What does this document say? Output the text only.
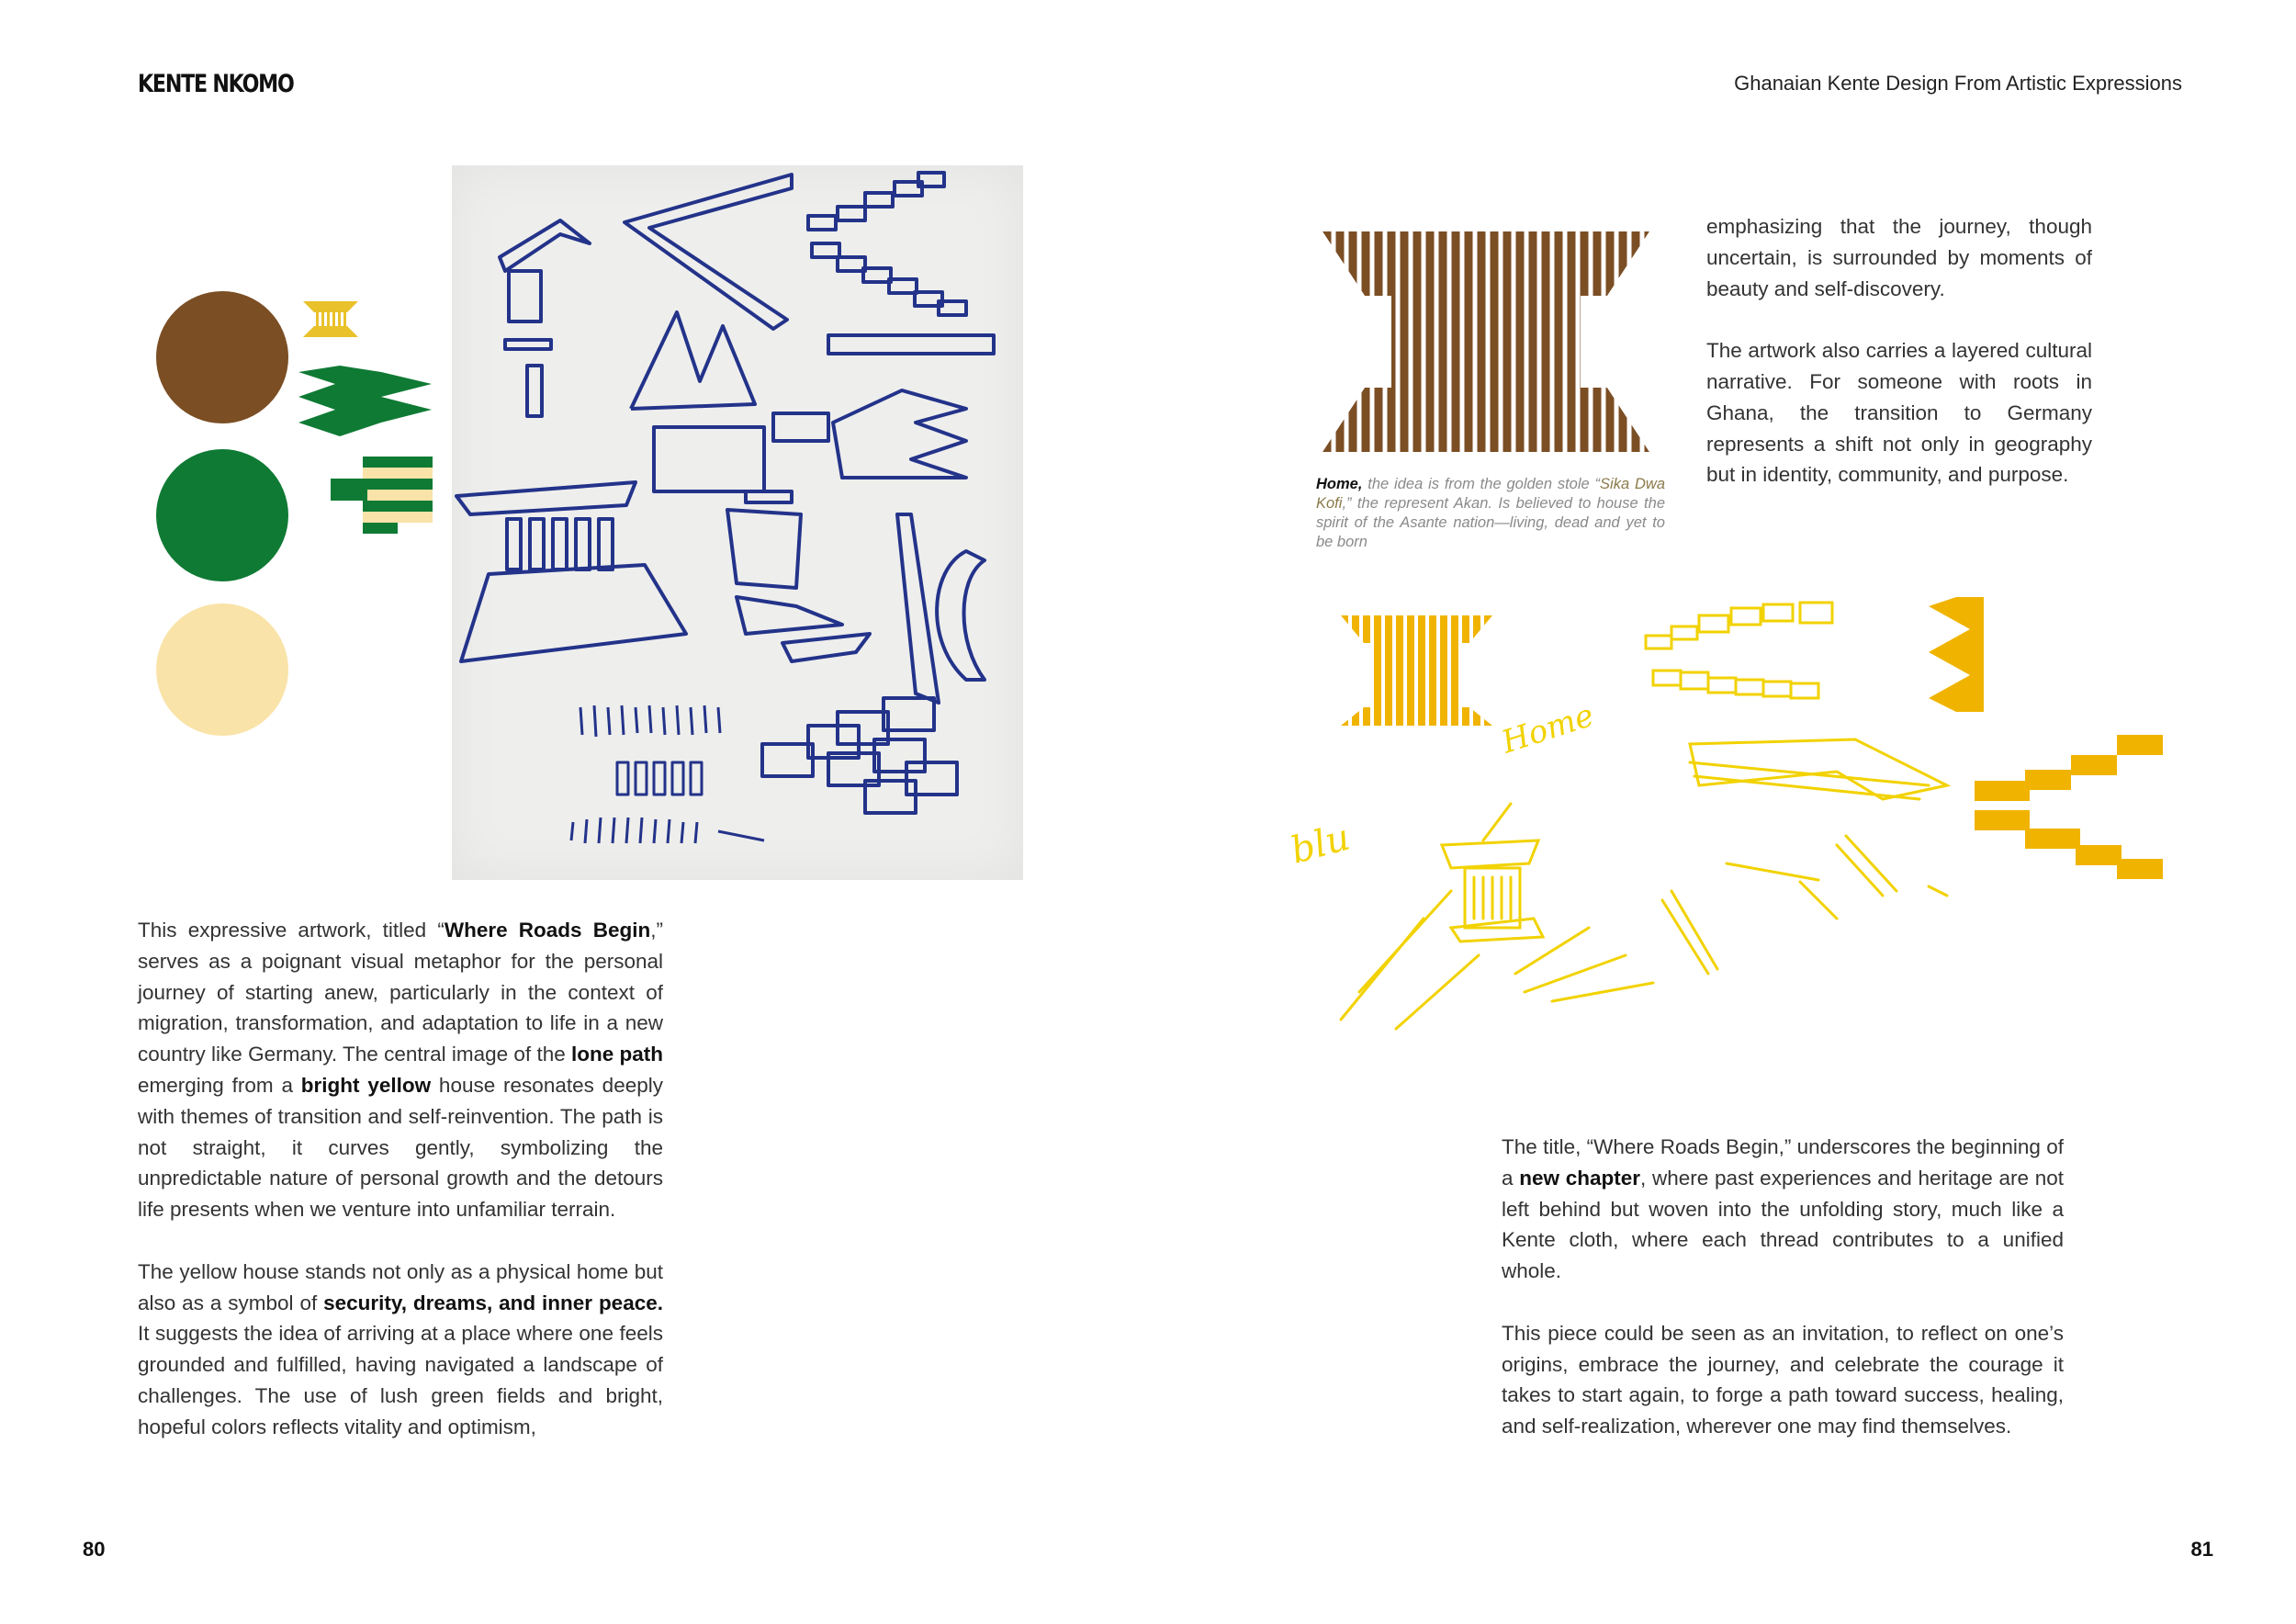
KENTE NKOMO	Ghanaian Kente Design From Artistic Expressions

This expressive artwork, titled “Where Roads Begin,” serves as a poignant visual metaphor for the personal journey of starting anew, particularly in the context of migration, transformation, and adaptation to life in a new country like Germany. The central image of the lone path emerging from a bright yellow house resonates deeply with themes of transition and self-reinvention. The path is not straight, it curves gently, symbolizing the unpredictable nature of personal growth and the detours life presents when we venture into unfamiliar terrain.

The yellow house stands not only as a physical home but also as a symbol of security, dreams, and inner peace. It suggests the idea of arriving at a place where one feels grounded and fulfilled, having navigated a landscape of challenges. The use of lush green fields and bright, hopeful colors reflects vitality and optimism,

Home, the idea is from the golden stole “Sika Dwa Kofi,” the represent Akan. Is believed to house the spirit of the Asante nation—living, dead and yet to be born

emphasizing that the journey, though uncertain, is surrounded by moments of beauty and self-discovery.

The artwork also carries a layered cultural narrative. For someone with roots in Ghana, the transition to Germany represents a shift not only in geography but in identity, community, and purpose.

Home
blu

The title, “Where Roads Begin,” underscores the beginning of a new chapter, where past experiences and heritage are not left behind but woven into the unfolding story, much like a Kente cloth, where each thread contributes to a unified whole.

This piece could be seen as an invitation, to reflect on one’s origins, embrace the journey, and celebrate the courage it takes to start again, to forge a path toward success, healing, and self-realization, wherever one may find themselves.

80	81
